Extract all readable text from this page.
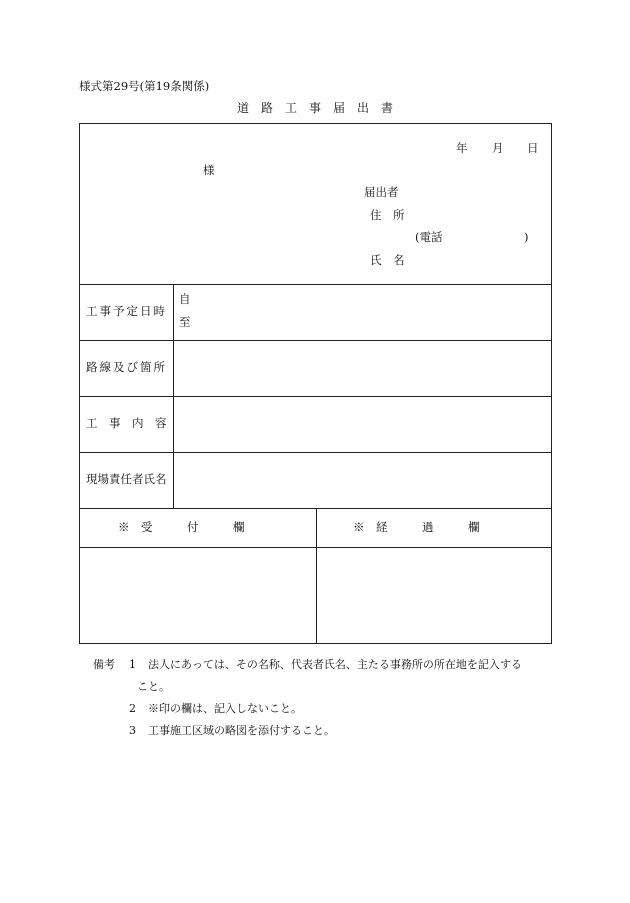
様式第29号(第19条関係)
道　路　工　事　届　出　書
年 月 日
様
届出者
住　所
(電話	)
氏　名
工事予定日時
自
至
路線及び箇所
工　事　内　容
現場責任者氏名
※　受　　　付　　　欄	※　経　　　過　　　欄
備考 1 法人にあっては、その名称、代表者氏名、主たる事務所の所在地を記入する
こと。
2 ※印の欄は、記入しないこと。
3 工事施工区域の略図を添付すること。
